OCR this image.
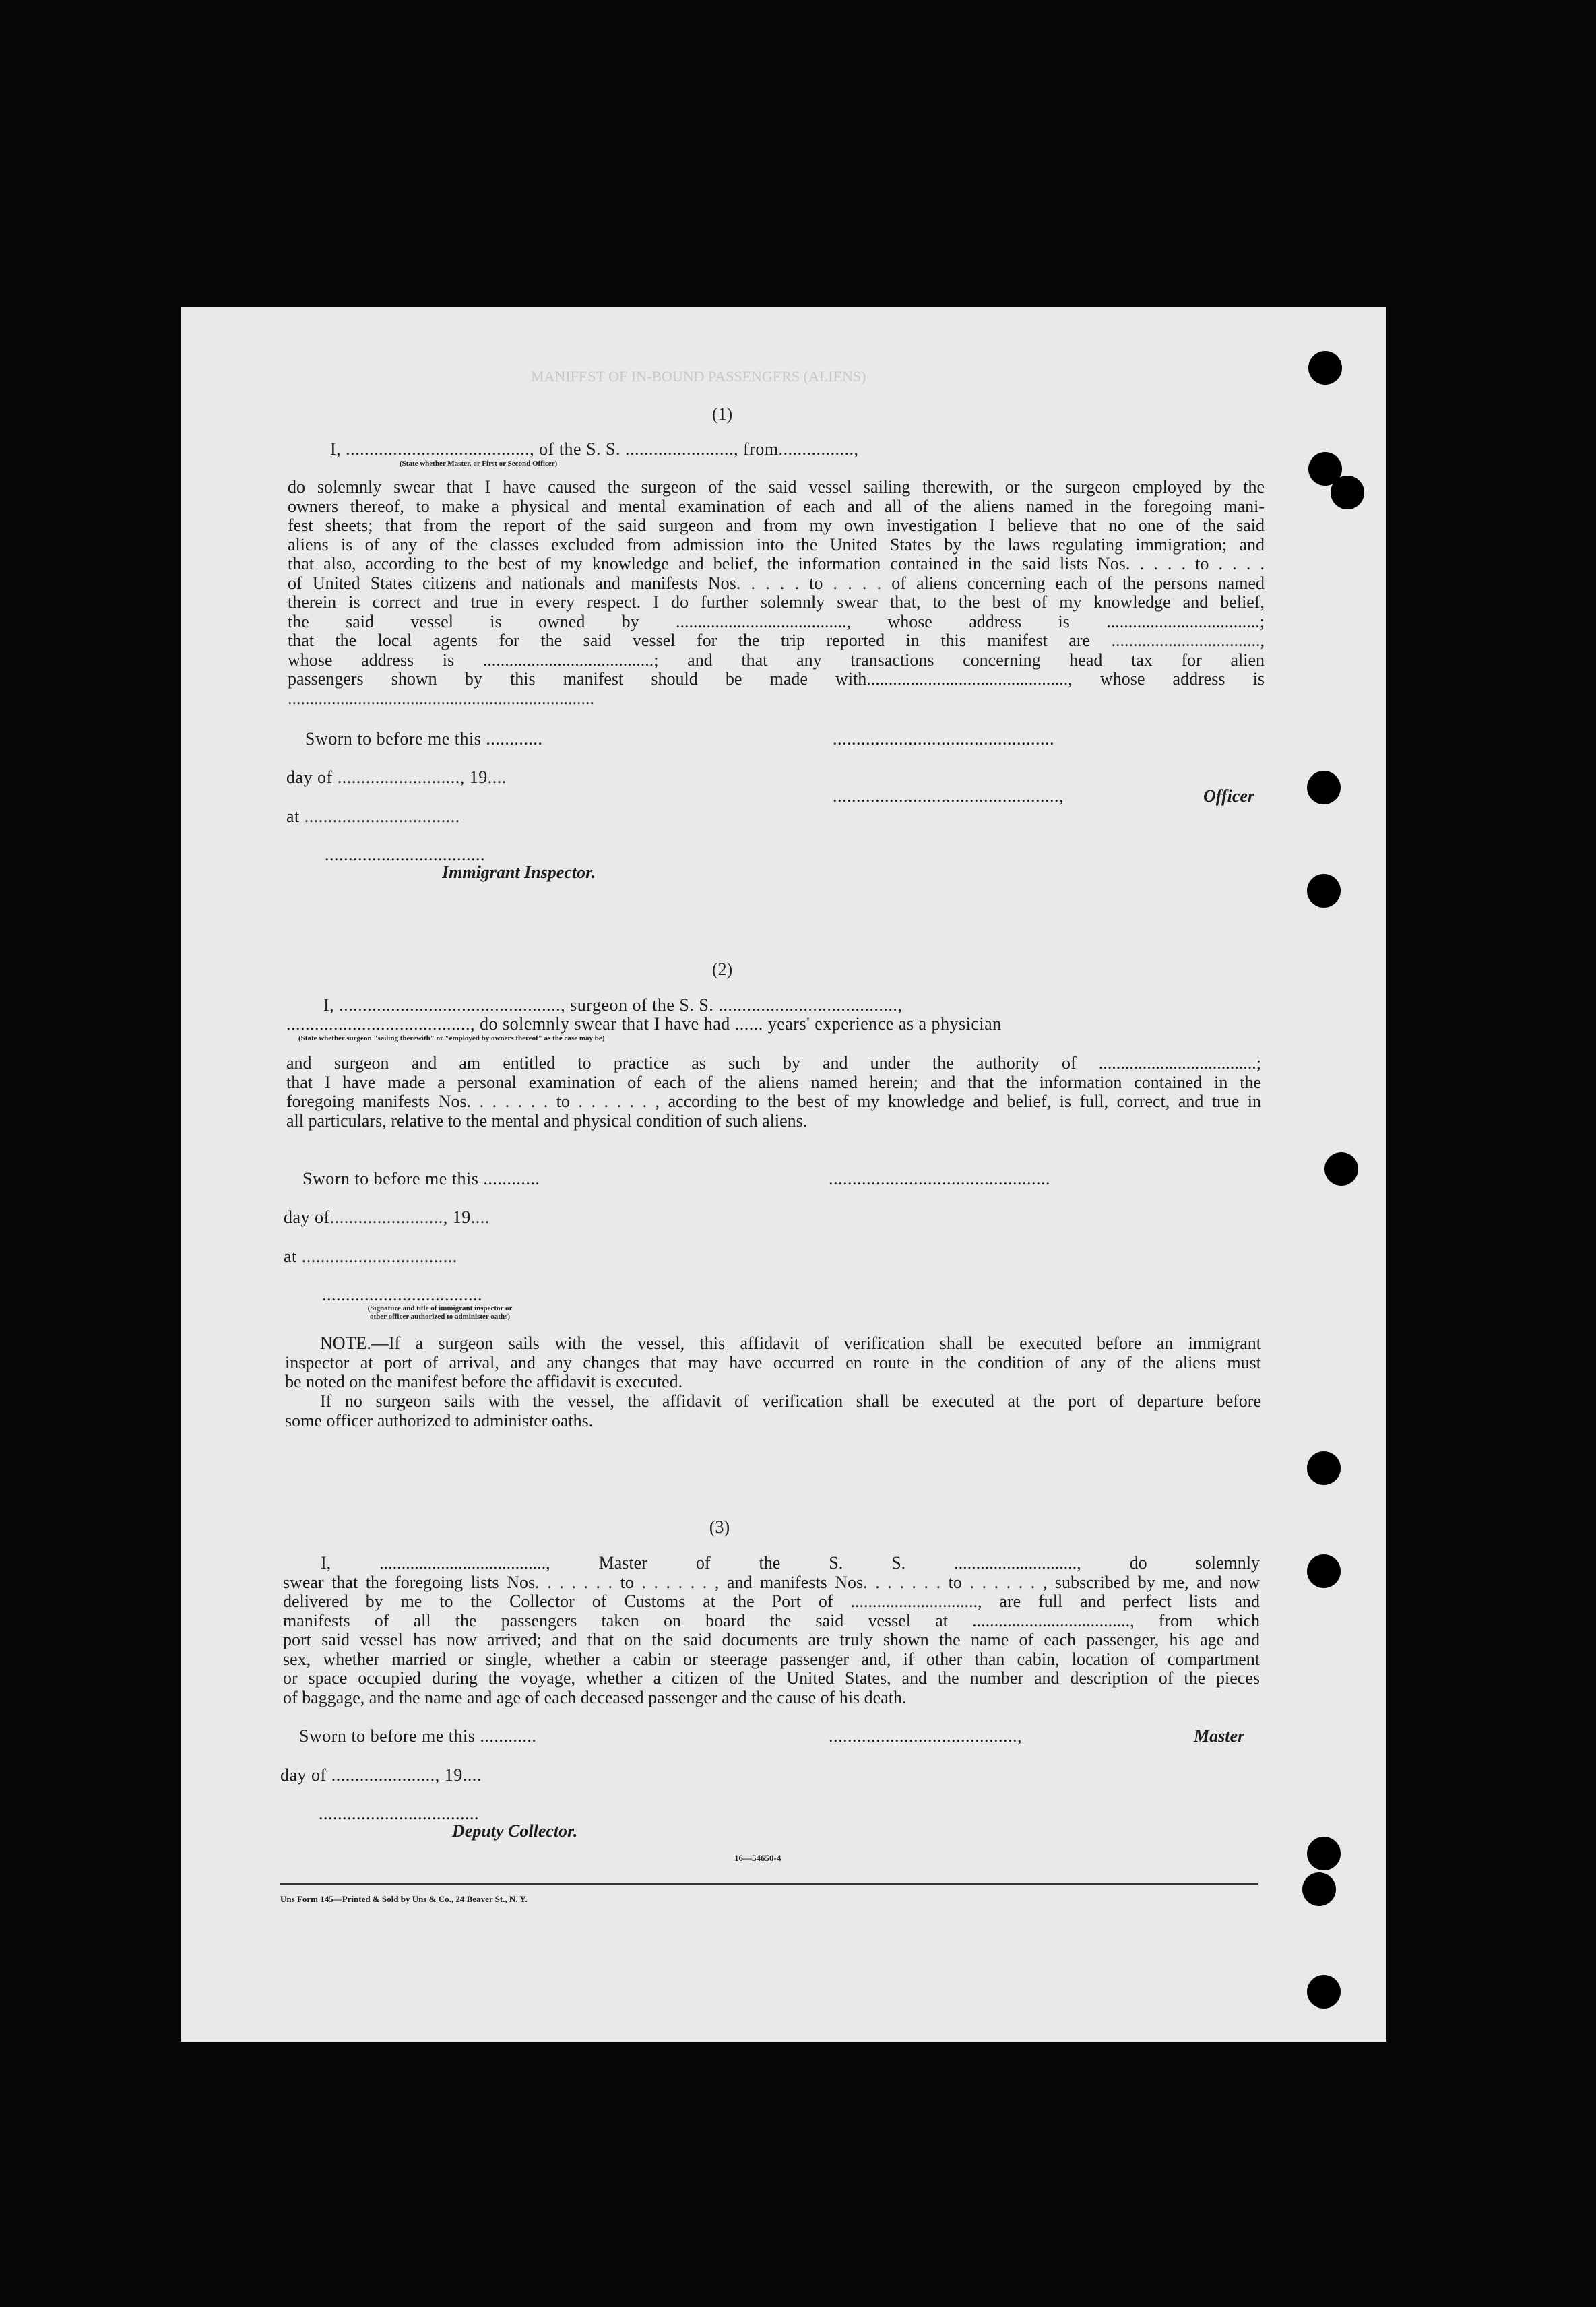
MANIFEST OF IN-BOUND PASSENGERS (ALIENS)
(1)
I, ......................................., of the S. S. ......................., from................,
(State whether Master, or First or Second Officer)
do solemnly swear that I have caused the surgeon of the said vessel sailing therewith, or the surgeon employed by the
owners thereof, to make a physical and mental examination of each and all of the aliens named in the foregoing mani-
fest sheets; that from the report of the said surgeon and from my own investigation I believe that no one of the said
aliens is of any of the classes excluded from admission into the United States by the laws regulating immigration; and
that also, according to the best of my knowledge and belief, the information contained in the said lists Nos. . . . . to . . . .
of United States citizens and nationals and manifests Nos. . . . . to . . . . of aliens concerning each of the persons named
therein is correct and true in every respect. I do further solemnly swear that, to the best of my knowledge and belief,
the said vessel is owned by ......................................., whose address is ...................................;
that the local agents for the said vessel for the trip reported in this manifest are ..................................,
whose address is .......................................; and that any transactions concerning head tax for alien
passengers shown by this manifest should be made with.............................................., whose address is
......................................................................
Sworn to before me this ............
day of .........................., 19....
at .................................
..................................
Immigrant Inspector.
...............................................
................................................,	Officer
(2)
I, ..............................................., surgeon of the S. S. ......................................,
......................................., do solemnly swear that I have had ...... years' experience as a physician
(State whether surgeon "sailing therewith" or "employed by owners thereof" as the case may be)
and surgeon and am entitled to practice as such by and under the authority of ....................................;
that I have made a personal examination of each of the aliens named herein; and that the information contained in the
foregoing manifests Nos. . . . . . . to . . . . . . , according to the best of my knowledge and belief, is full, correct, and true in
all particulars, relative to the mental and physical condition of such aliens.
Sworn to before me this ............
day of........................, 19....
at .................................
..................................
(Signature and title of immigrant inspector or
other officer authorized to administer oaths)
...............................................
NOTE.—If a surgeon sails with the vessel, this affidavit of verification shall be executed before an immigrant
inspector at port of arrival, and any changes that may have occurred en route in the condition of any of the aliens must
be noted on the manifest before the affidavit is executed.
If no surgeon sails with the vessel, the affidavit of verification shall be executed at the port of departure before
some officer authorized to administer oaths.
(3)
I, ......................................, Master of the S. S. ............................, do solemnly
swear that the foregoing lists Nos. . . . . . . to . . . . . . , and manifests Nos. . . . . . . to . . . . . . , subscribed by me, and now
delivered by me to the Collector of Customs at the Port of ............................., are full and perfect lists and
manifests of all the passengers taken on board the said vessel at ...................................., from which
port said vessel has now arrived; and that on the said documents are truly shown the name of each passenger, his age and
sex, whether married or single, whether a cabin or steerage passenger and, if other than cabin, location of compartment
or space occupied during the voyage, whether a citizen of the United States, and the number and description of the pieces
of baggage, and the name and age of each deceased passenger and the cause of his death.
Sworn to before me this ............
day of ......................, 19....
..................................
Deputy Collector.
........................................,	Master
16—54650-4
Uns Form 145—Printed & Sold by Uns & Co., 24 Beaver St., N. Y.
